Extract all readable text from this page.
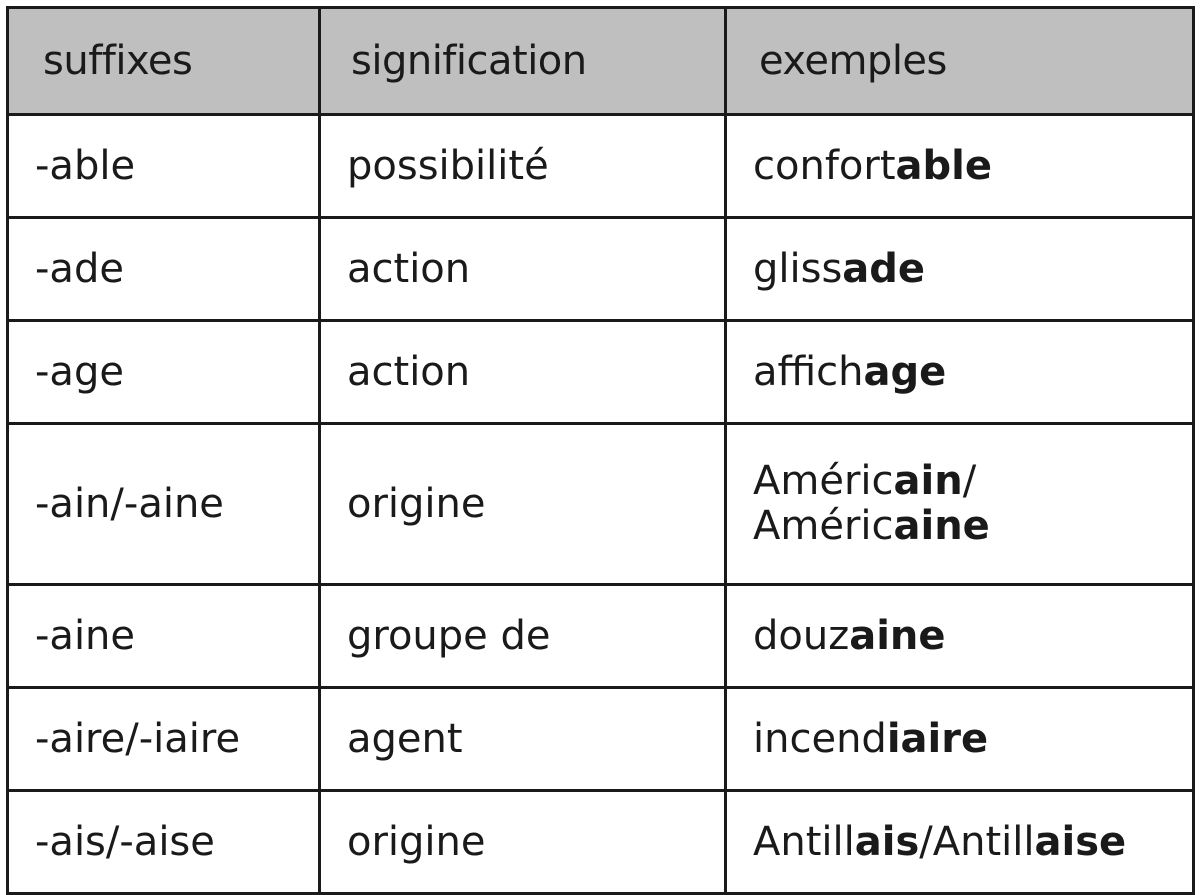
suffixes	signification	exemples
-able	possibilité	confortable

-ade	action	glissade

-age	action	affichage

-ain/-aine	origine	Américain/
Américaine

-aine	groupe de	douzaine

-aire/-iaire	agent	incendiaire

-ais/-aise	origine	Antillais/Antillaise
